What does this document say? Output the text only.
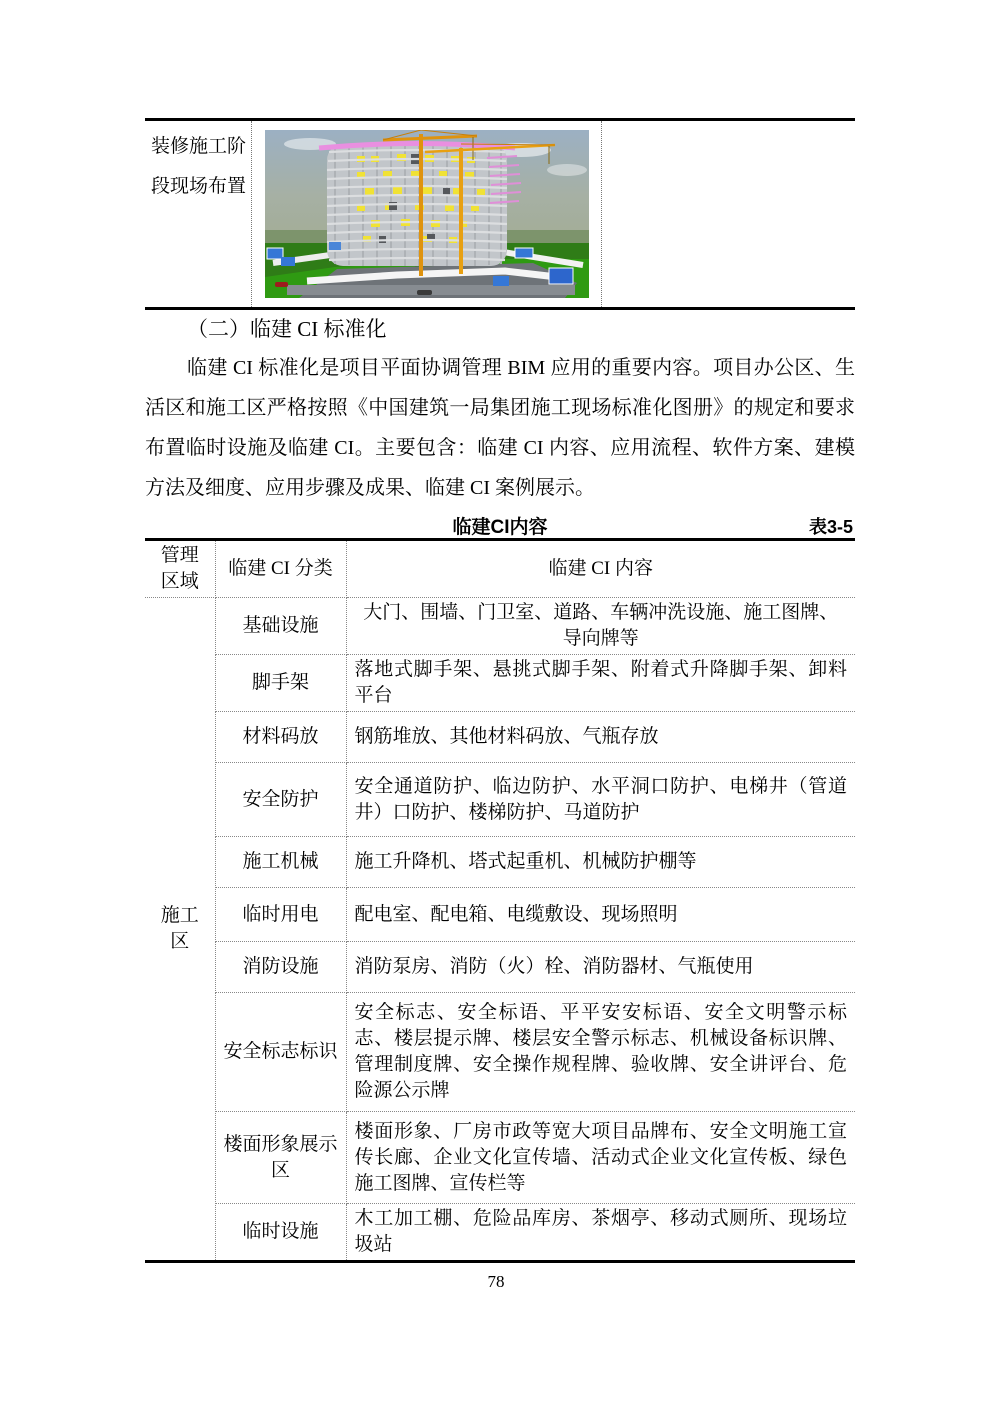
装修施工阶段现场布置
（二）临建 CI 标准化

临建 CI 标准化是项目平面协调管理 BIM 应用的重要内容。项目办公区、生活区和施工区严格按照《中国建筑一局集团施工现场标准化图册》的规定和要求布置临时设施及临建 CI。主要包含：临建 CI 内容、应用流程、软件方案、建模方法及细度、应用步骤及成果、临建 CI 案例展示。

临建CI内容	表3-5
管理区域	临建 CI 分类	临建 CI 内容
施工区	基础设施	大门、围墙、门卫室、道路、车辆冲洗设施、施工图牌、导向牌等
	脚手架	落地式脚手架、悬挑式脚手架、附着式升降脚手架、卸料平台
	材料码放	钢筋堆放、其他材料码放、气瓶存放
	安全防护	安全通道防护、临边防护、水平洞口防护、电梯井（管道井）口防护、楼梯防护、马道防护
	施工机械	施工升降机、塔式起重机、机械防护棚等
	临时用电	配电室、配电箱、电缆敷设、现场照明
	消防设施	消防泵房、消防（火）栓、消防器材、气瓶使用
	安全标志标识	安全标志、安全标语、平平安安标语、安全文明警示标志、楼层提示牌、楼层安全警示标志、机械设备标识牌、管理制度牌、安全操作规程牌、验收牌、安全讲评台、危险源公示牌
	楼面形象展示区	楼面形象、厂房市政等宽大项目品牌布、安全文明施工宣传长廊、企业文化宣传墙、活动式企业文化宣传板、绿色施工图牌、宣传栏等
	临时设施	木工加工棚、危险品库房、茶烟亭、移动式厕所、现场垃圾站
78
